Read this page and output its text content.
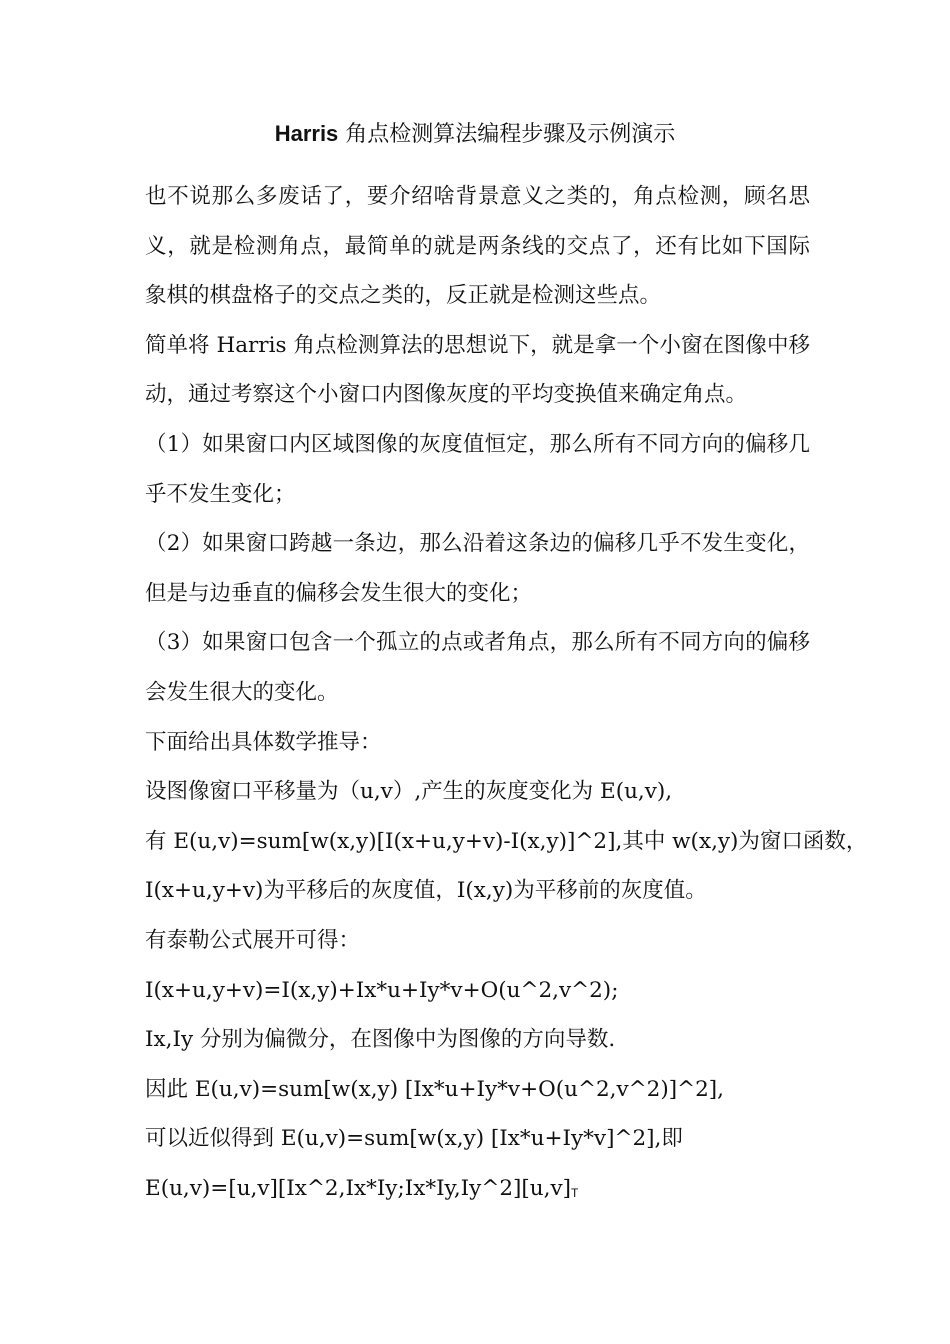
Harris 角点检测算法编程步骤及示例演示

也不说那么多废话了，要介绍啥背景意义之类的，角点检测，顾名思义，就是检测角点，最简单的就是两条线的交点了，还有比如下国际象棋的棋盘格子的交点之类的，反正就是检测这些点。

简单将 Harris 角点检测算法的思想说下，就是拿一个小窗在图像中移动，通过考察这个小窗口内图像灰度的平均变换值来确定角点。

（1）如果窗口内区域图像的灰度值恒定，那么所有不同方向的偏移几乎不发生变化；

（2）如果窗口跨越一条边，那么沿着这条边的偏移几乎不发生变化，但是与边垂直的偏移会发生很大的变化；

（3）如果窗口包含一个孤立的点或者角点，那么所有不同方向的偏移会发生很大的变化。

下面给出具体数学推导：

设图像窗口平移量为（u,v）,产生的灰度变化为 E(u,v),

有 E(u,v)=sum[w(x,y)[I(x+u,y+v)-I(x,y)]^2],其中 w(x,y)为窗口函数，

I(x+u,y+v)为平移后的灰度值，I(x,y)为平移前的灰度值。

有泰勒公式展开可得：

I(x+u,y+v)=I(x,y)+Ix*u+Iy*v+O(u^2,v^2);

Ix,Iy 分别为偏微分，在图像中为图像的方向导数.

因此 E(u,v)=sum[w(x,y) [Ix*u+Iy*v+O(u^2,v^2)]^2],

可以近似得到 E(u,v)=sum[w(x,y) [Ix*u+Iy*v]^2],即

E(u,v)=[u,v][Ix^2,Ix*Iy;Ix*Iy,Iy^2][u,v]T
